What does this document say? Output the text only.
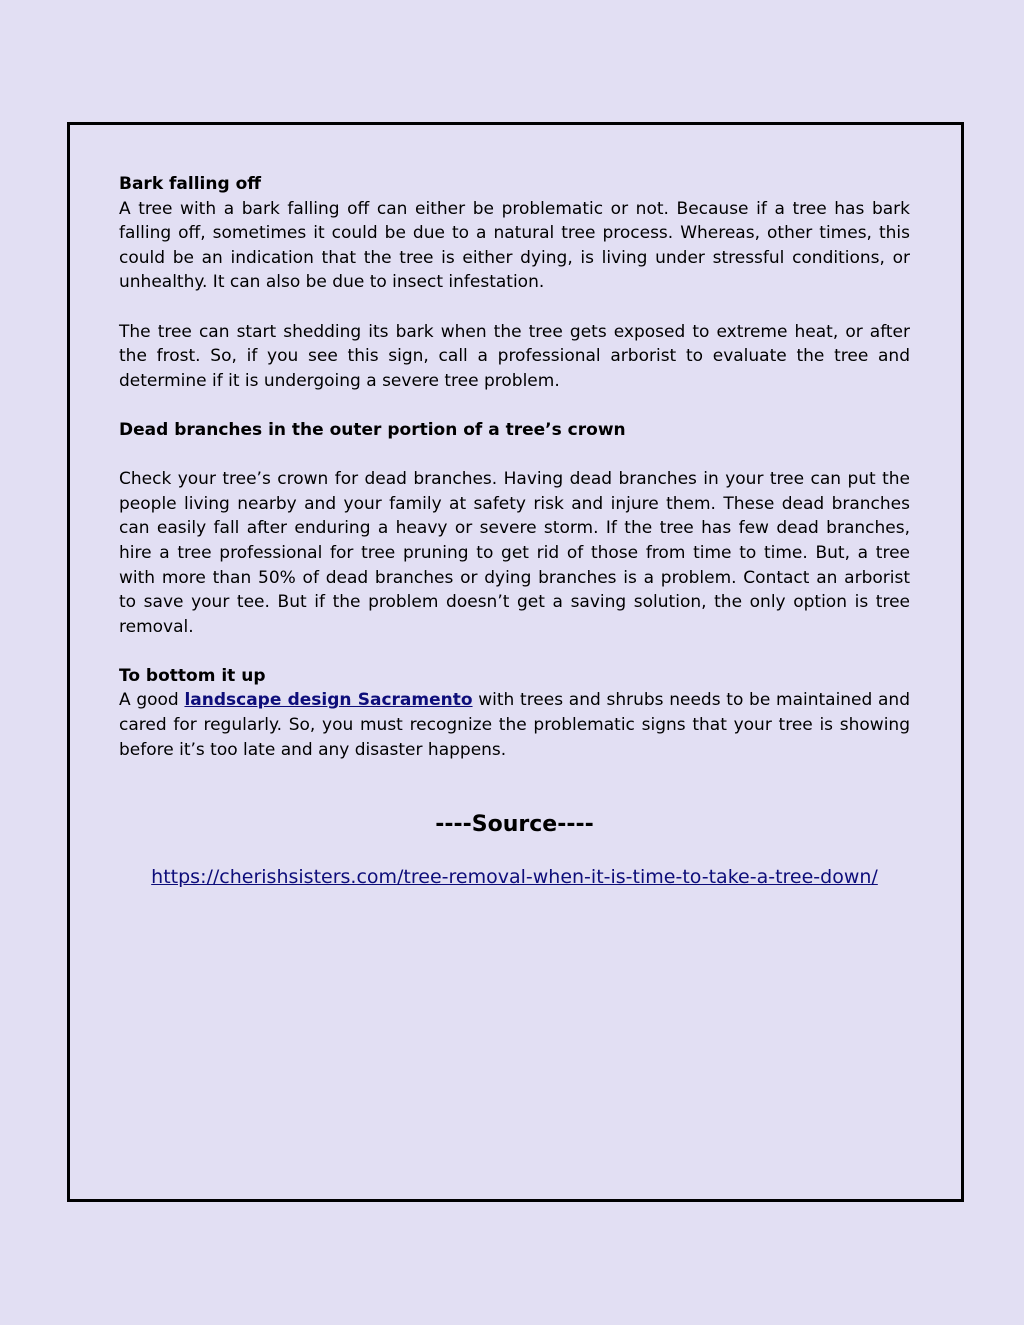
Bark falling off

A tree with a bark falling off can either be problematic or not. Because if a tree has bark falling off, sometimes it could be due to a natural tree process. Whereas, other times, this could be an indication that the tree is either dying, is living under stressful conditions, or unhealthy. It can also be due to insect infestation.

The tree can start shedding its bark when the tree gets exposed to extreme heat, or after the frost. So, if you see this sign, call a professional arborist to evaluate the tree and determine if it is undergoing a severe tree problem.

Dead branches in the outer portion of a tree’s crown

Check your tree’s crown for dead branches. Having dead branches in your tree can put the people living nearby and your family at safety risk and injure them. These dead branches can easily fall after enduring a heavy or severe storm. If the tree has few dead branches, hire a tree professional for tree pruning to get rid of those from time to time. But, a tree with more than 50% of dead branches or dying branches is a problem. Contact an arborist to save your tee. But if the problem doesn’t get a saving solution, the only option is tree removal.

To bottom it up

A good landscape design Sacramento with trees and shrubs needs to be maintained and cared for regularly. So, you must recognize the problematic signs that your tree is showing before it’s too late and any disaster happens.

----Source----

https://cherishsisters.com/tree-removal-when-it-is-time-to-take-a-tree-down/
